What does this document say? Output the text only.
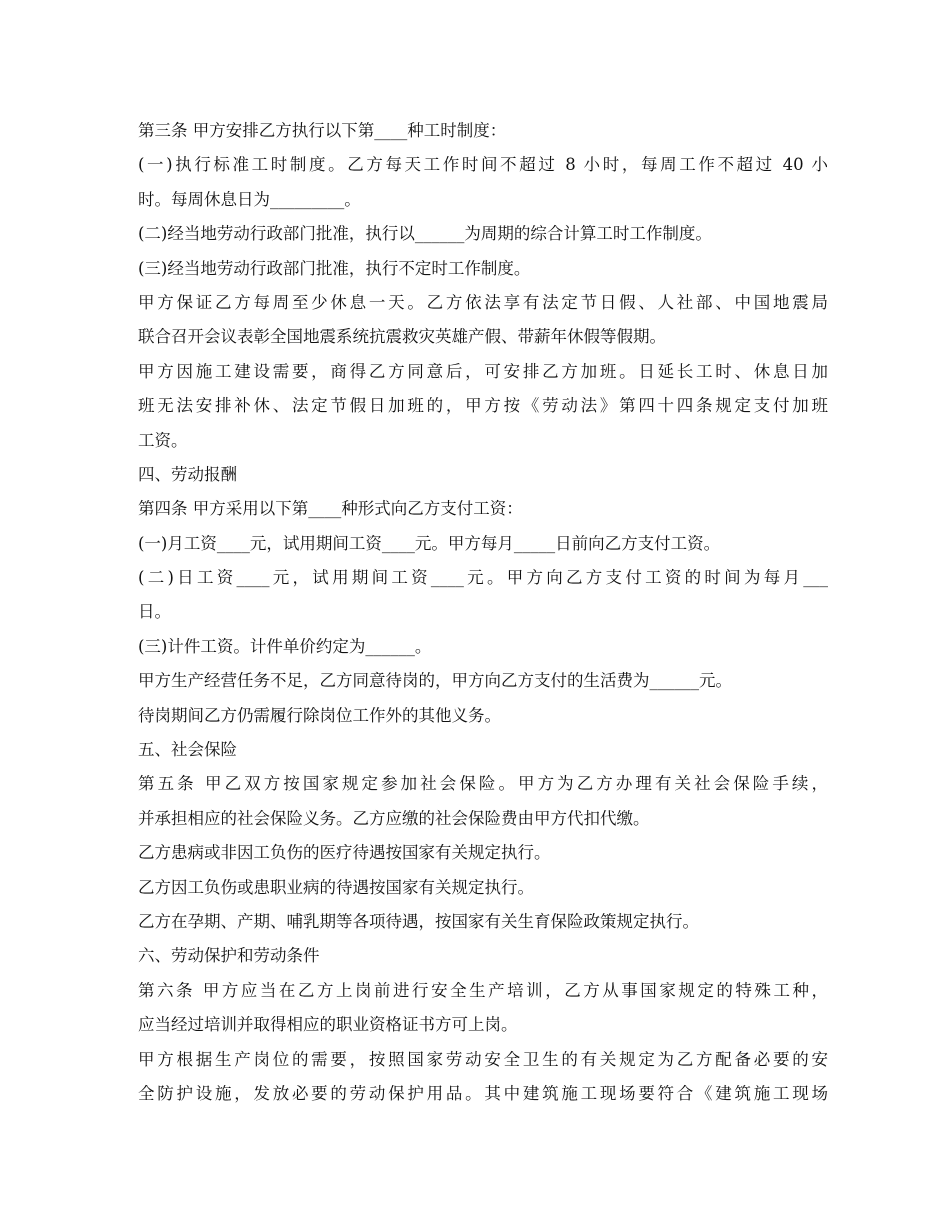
第三条 甲方安排乙方执行以下第____种工时制度：
(一)执行标准工时制度。乙方每天工作时间不超过 8 小时，每周工作不超过 40 小
时。每周休息日为_________。
(二)经当地劳动行政部门批准，执行以______为周期的综合计算工时工作制度。
(三)经当地劳动行政部门批准，执行不定时工作制度。
甲方保证乙方每周至少休息一天。乙方依法享有法定节日假、人社部、中国地震局
联合召开会议表彰全国地震系统抗震救灾英雄产假、带薪年休假等假期。
甲方因施工建设需要，商得乙方同意后，可安排乙方加班。日延长工时、休息日加
班无法安排补休、法定节假日加班的，甲方按《劳动法》第四十四条规定支付加班
工资。
四、劳动报酬
第四条 甲方采用以下第____种形式向乙方支付工资：
(一)月工资____元，试用期间工资____元。甲方每月_____日前向乙方支付工资。
(二)日工资____元，试用期间工资____元。甲方向乙方支付工资的时间为每月___
日。
(三)计件工资。计件单价约定为______。
甲方生产经营任务不足，乙方同意待岗的，甲方向乙方支付的生活费为______元。
待岗期间乙方仍需履行除岗位工作外的其他义务。
五、社会保险
第五条 甲乙双方按国家规定参加社会保险。甲方为乙方办理有关社会保险手续，
并承担相应的社会保险义务。乙方应缴的社会保险费由甲方代扣代缴。
乙方患病或非因工负伤的医疗待遇按国家有关规定执行。
乙方因工负伤或患职业病的待遇按国家有关规定执行。
乙方在孕期、产期、哺乳期等各项待遇，按国家有关生育保险政策规定执行。
六、劳动保护和劳动条件
第六条 甲方应当在乙方上岗前进行安全生产培训，乙方从事国家规定的特殊工种，
应当经过培训并取得相应的职业资格证书方可上岗。
甲方根据生产岗位的需要，按照国家劳动安全卫生的有关规定为乙方配备必要的安
全防护设施，发放必要的劳动保护用品。其中建筑施工现场要符合《建筑施工现场
